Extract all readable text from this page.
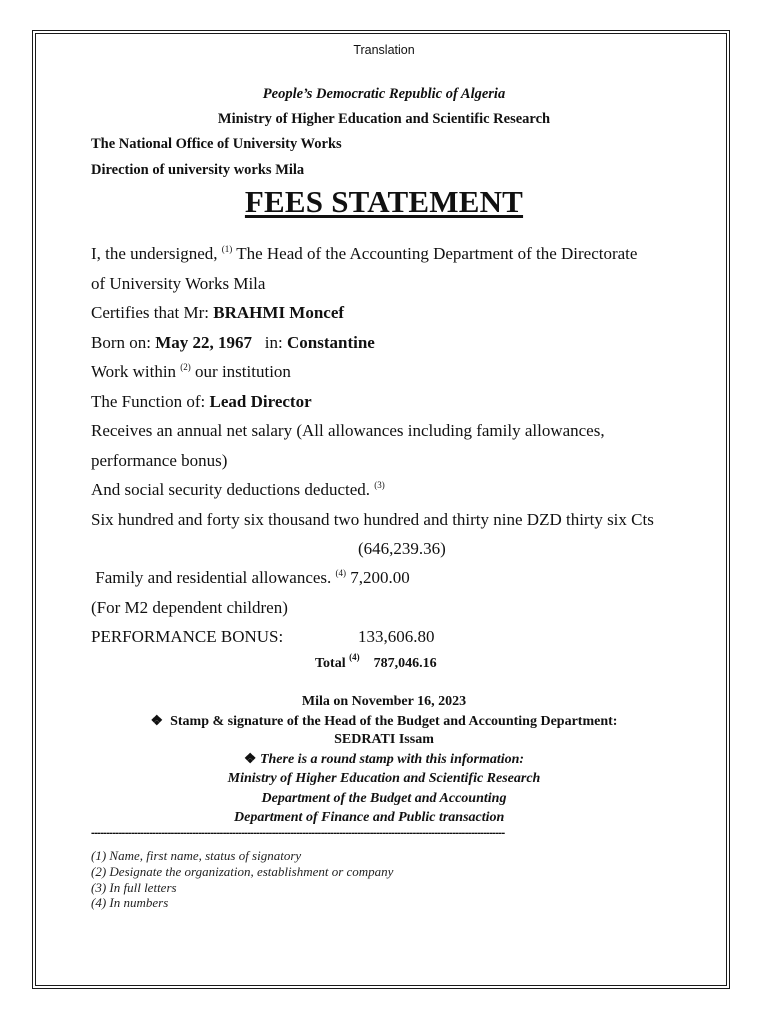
Translation
People’s Democratic Republic of Algeria
Ministry of Higher Education and Scientific Research
The National Office of University Works
Direction of university works Mila
FEES STATEMENT
I, the undersigned, $^{(1)}$ The Head of the Accounting Department of the Directorate
of University Works Mila
Certifies that Mr: BRAHMI Moncef
Born on: May 22, 1967   in: Constantine
Work within $^{(2)}$ our institution
The Function of: Lead Director
Receives an annual net salary (All allowances including family allowances,
performance bonus)
And social security deductions deducted. $^{(3)}$
Six hundred and forty six thousand two hundred and thirty nine DZD thirty six Cts
(646,239.36)
Family and residential allowances. $^{(4)}$ 7,200.00
(For M2 dependent children)
PERFORMANCE BONUS:	133,606.80
Total $^{(4)}$ 787,046.16
Mila on November 16, 2023
❖ Stamp & signature of the Head of the Budget and Accounting Department:
SEDRATI Issam
❖ There is a round stamp with this information:
Ministry of Higher Education and Scientific Research
Department of the Budget and Accounting
Department of Finance and Public transaction
---------------------------------------------------------------------------------------------------------------------------------------
(1) Name, first name, status of signatory
(2) Designate the organization, establishment or company
(3) In full letters
(4) In numbers
